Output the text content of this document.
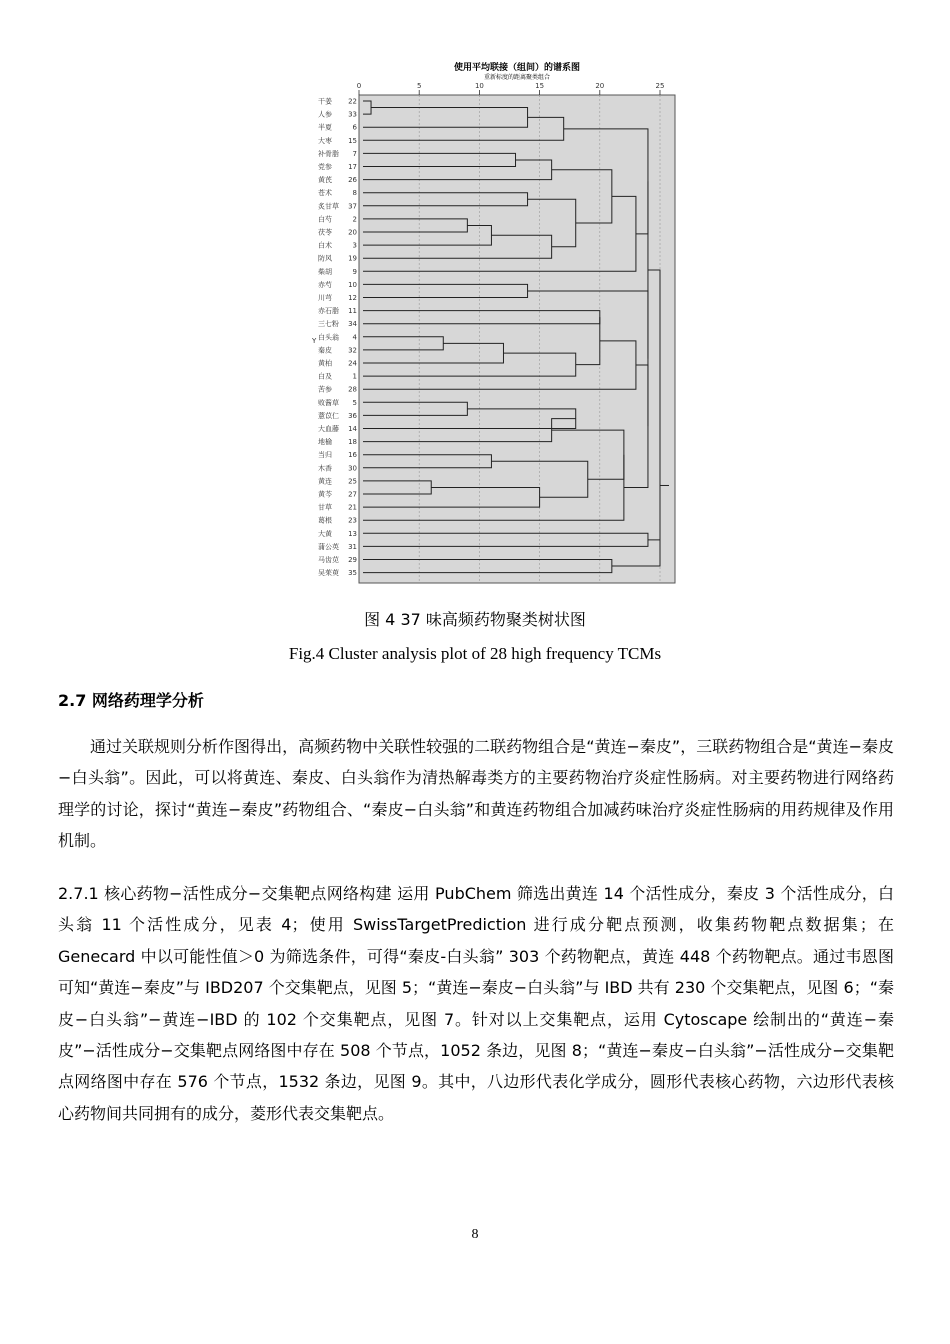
使用平均联接（组间）的谱系图
重新标度的距离聚类组合
0	5	10	15	20	25
干姜 22
人参 33
半夏	6
大枣 15
补骨脂 7
党参 17
黄芪 26
苍术	8
炙甘草 37
白芍	2
茯苓 20
白术	3
防风 19
柴胡	9
赤芍 10
川芎 12
赤石脂 11
三七粉 34
白头翁 4
秦皮 32
黄柏 24
白及	1
苦参 28
败酱草 5
薏苡仁 36
大血藤 14
地榆 18
当归 16
木香 30
黄连 25
黄芩 27
甘草 21
葛根 23
大黄 13
蒲公英 31
马齿苋 29
吴茱萸 35
Y
图 4 37 味高频药物聚类树状图
Fig.4 Cluster analysis plot of 28 high frequency TCMs
2.7 网络药理学分析
通过关联规则分析作图得出，高频药物中关联性较强的二联药物组合是“黄连−秦皮”，三联药物组合是“黄连−秦皮−白头翁”。因此，可以将黄连、秦皮、白头翁作为清热解毒类方的主要药物治疗炎症性肠病。对主要药物进行网络药理学的讨论，探讨“黄连−秦皮”药物组合、“秦皮−白头翁”和黄连药物组合加减药味治疗炎症性肠病的用药规律及作用机制。
2.7.1 核心药物−活性成分−交集靶点网络构建 运用 PubChem 筛选出黄连 14 个活性成分，秦皮 3 个活性成分，白头翁 11 个活性成分，见表 4；使用 SwissTargetPrediction 进行成分靶点预测，收集药物靶点数据集；在 Genecard 中以可能性值＞0 为筛选条件，可得“秦皮-白头翁” 303 个药物靶点，黄连 448 个药物靶点。通过韦恩图可知“黄连−秦皮”与 IBD207 个交集靶点，见图 5；“黄连−秦皮−白头翁”与 IBD 共有 230 个交集靶点，见图 6；“秦皮−白头翁”−黄连−IBD 的 102 个交集靶点，见图 7。针对以上交集靶点，运用 Cytoscape 绘制出的“黄连−秦皮”−活性成分−交集靶点网络图中存在 508 个节点，1052 条边，见图 8；“黄连−秦皮−白头翁”−活性成分−交集靶点网络图中存在 576 个节点，1532 条边，见图 9。其中，八边形代表化学成分，圆形代表核心药物，六边形代表核心药物间共同拥有的成分，菱形代表交集靶点。
8
